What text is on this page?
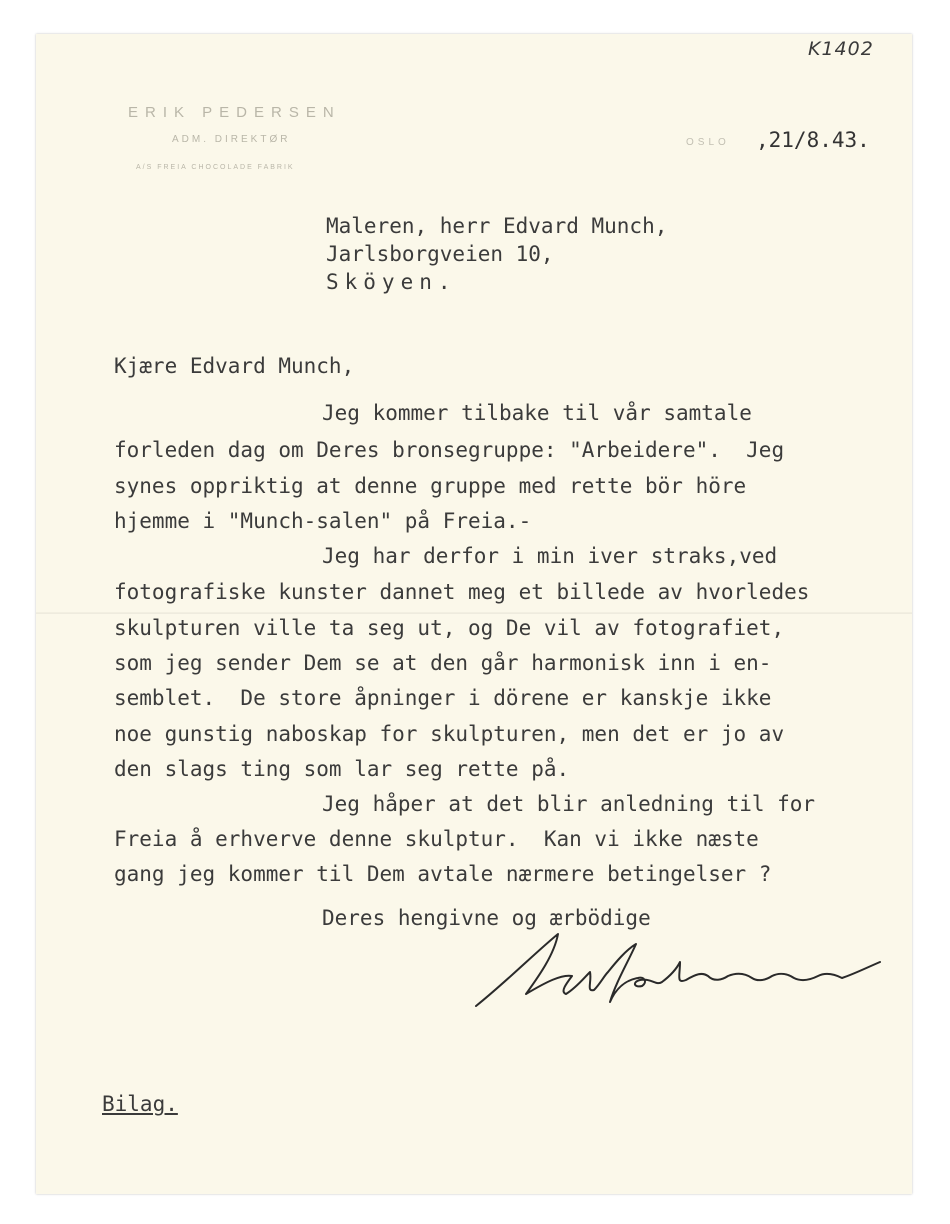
K1402
ERIK PEDERSEN
ADM. DIREKTØR
A/S FREIA CHOCOLADE FABRIK
OSLO ,21/8.43.
Maleren, herr Edvard Munch,
Jarlsborgveien 10,
Sköyen.
Kjære Edvard Munch,
Jeg kommer tilbake til vår samtale
forleden dag om Deres bronsegruppe: "Arbeidere".  Jeg
synes oppriktig at denne gruppe med rette bör höre
hjemme i "Munch-salen" på Freia.-
Jeg har derfor i min iver straks,ved
fotografiske kunster dannet meg et billede av hvorledes
skulpturen ville ta seg ut, og De vil av fotografiet,
som jeg sender Dem se at den går harmonisk inn i en-
semblet.  De store åpninger i dörene er kanskje ikke
noe gunstig naboskap for skulpturen, men det er jo av
den slags ting som lar seg rette på.
Jeg håper at det blir anledning til for
Freia å erhverve denne skulptur.  Kan vi ikke næste
gang jeg kommer til Dem avtale nærmere betingelser ?
Deres hengivne og ærbödige
Bilag.
